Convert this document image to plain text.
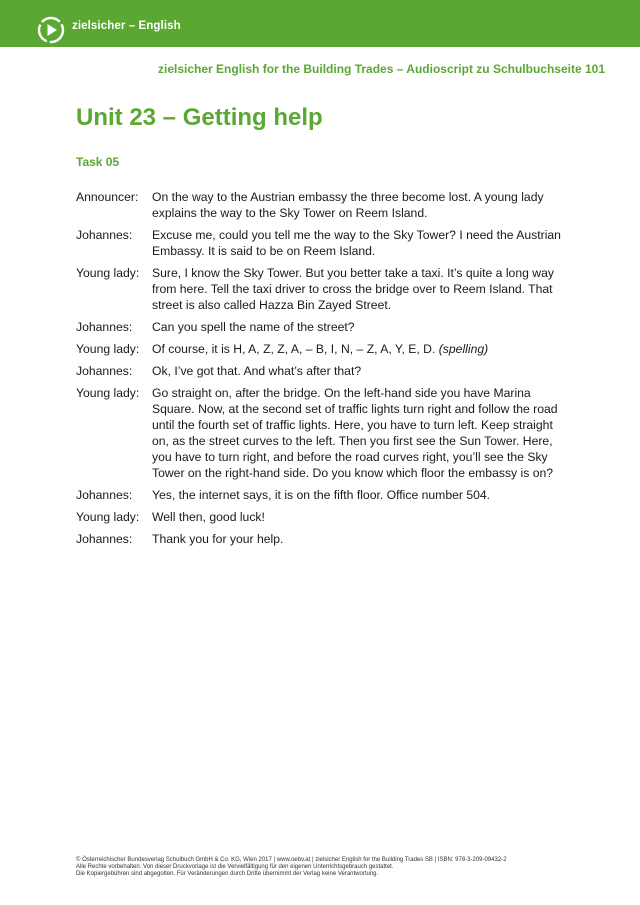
zielsicher – English
zielsicher English for the Building Trades – Audioscript zu Schulbuchseite 101
Unit 23 – Getting help
Task 05
Announcer:	On the way to the Austrian embassy the three become lost. A young lady explains the way to the Sky Tower on Reem Island.
Johannes:	Excuse me, could you tell me the way to the Sky Tower? I need the Austrian Embassy. It is said to be on Reem Island.
Young lady:	Sure, I know the Sky Tower. But you better take a taxi. It’s quite a long way from here. Tell the taxi driver to cross the bridge over to Reem Island. That street is also called Hazza Bin Zayed Street.
Johannes:	Can you spell the name of the street?
Young lady:	Of course, it is H, A, Z, Z, A, – B, I, N, – Z, A, Y, E, D. (spelling)
Johannes:	Ok, I’ve got that. And what’s after that?
Young lady:	Go straight on, after the bridge. On the left-hand side you have Marina Square. Now, at the second set of traffic lights turn right and follow the road until the fourth set of traffic lights. Here, you have to turn left. Keep straight on, as the street curves to the left. Then you first see the Sun Tower. Here, you have to turn right, and before the road curves right, you’ll see the Sky Tower on the right-hand side. Do you know which floor the embassy is on?
Johannes:	Yes, the internet says, it is on the fifth floor. Office number 504.
Young lady:	Well then, good luck!
Johannes:	Thank you for your help.
© Österreichischer Bundesverlag Schulbuch GmbH & Co. KG, Wien 2017 | www.oebv.at | zielsicher English for the Building Trades SB | ISBN: 978-3-209-09432-2
Alle Rechte vorbehalten. Von dieser Druckvorlage ist die Vervielfältigung für den eigenen Unterrichtsgebrauch gestattet.
Die Kopiergebühren sind abgegolten. Für Veränderungen durch Dritte übernimmt der Verlag keine Verantwortung.
